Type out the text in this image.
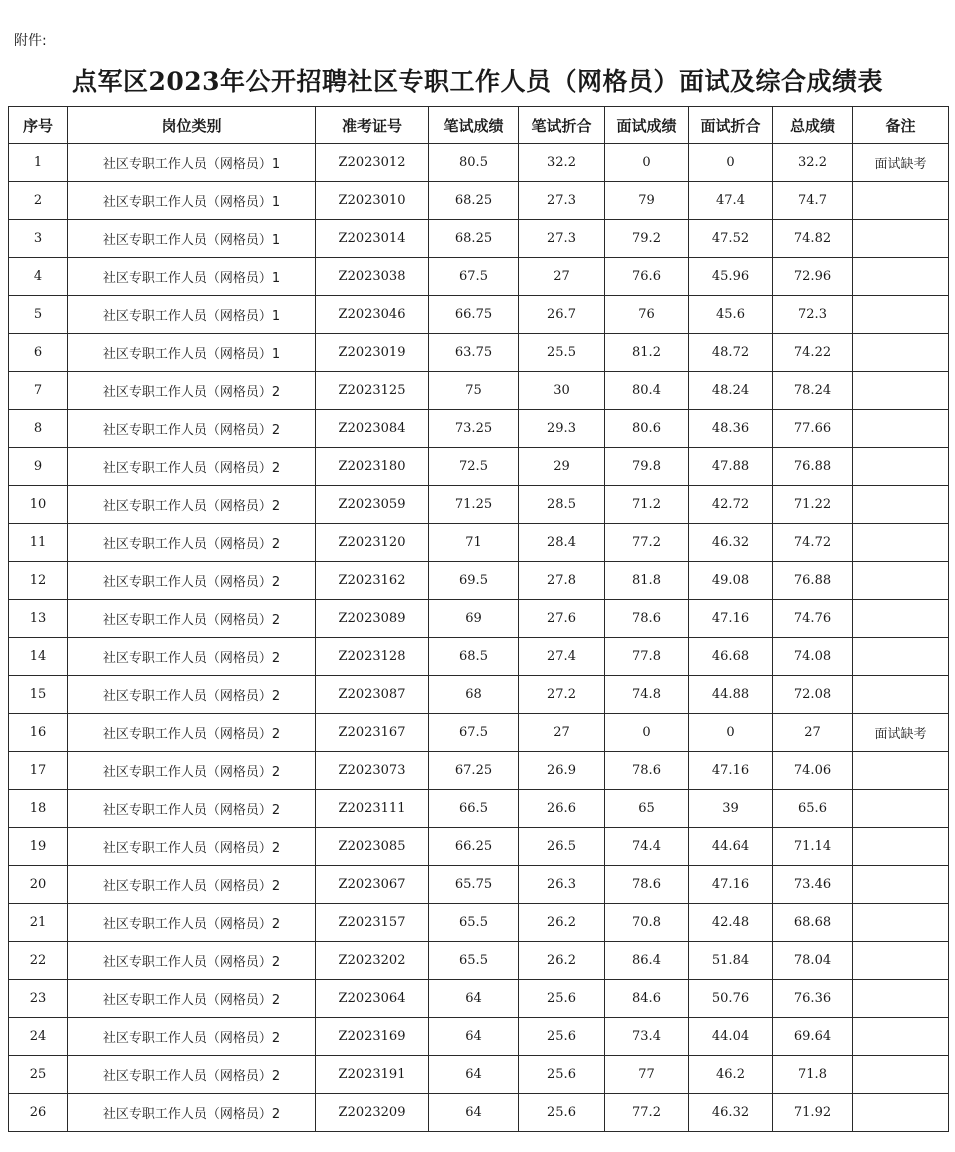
附件:
点军区2023年公开招聘社区专职工作人员（网格员）面试及综合成绩表
序号	岗位类别	准考证号	笔试成绩	笔试折合	面试成绩	面试折合	总成绩	备注
1	社区专职工作人员（网格员）1	Z2023012	80.5	32.2	0	0	32.2	面试缺考
2	社区专职工作人员（网格员）1	Z2023010	68.25	27.3	79	47.4	74.7	
3	社区专职工作人员（网格员）1	Z2023014	68.25	27.3	79.2	47.52	74.82	
4	社区专职工作人员（网格员）1	Z2023038	67.5	27	76.6	45.96	72.96	
5	社区专职工作人员（网格员）1	Z2023046	66.75	26.7	76	45.6	72.3	
6	社区专职工作人员（网格员）1	Z2023019	63.75	25.5	81.2	48.72	74.22	
7	社区专职工作人员（网格员）2	Z2023125	75	30	80.4	48.24	78.24	
8	社区专职工作人员（网格员）2	Z2023084	73.25	29.3	80.6	48.36	77.66	
9	社区专职工作人员（网格员）2	Z2023180	72.5	29	79.8	47.88	76.88	
10	社区专职工作人员（网格员）2	Z2023059	71.25	28.5	71.2	42.72	71.22	
11	社区专职工作人员（网格员）2	Z2023120	71	28.4	77.2	46.32	74.72	
12	社区专职工作人员（网格员）2	Z2023162	69.5	27.8	81.8	49.08	76.88	
13	社区专职工作人员（网格员）2	Z2023089	69	27.6	78.6	47.16	74.76	
14	社区专职工作人员（网格员）2	Z2023128	68.5	27.4	77.8	46.68	74.08	
15	社区专职工作人员（网格员）2	Z2023087	68	27.2	74.8	44.88	72.08	
16	社区专职工作人员（网格员）2	Z2023167	67.5	27	0	0	27	面试缺考
17	社区专职工作人员（网格员）2	Z2023073	67.25	26.9	78.6	47.16	74.06	
18	社区专职工作人员（网格员）2	Z2023111	66.5	26.6	65	39	65.6	
19	社区专职工作人员（网格员）2	Z2023085	66.25	26.5	74.4	44.64	71.14	
20	社区专职工作人员（网格员）2	Z2023067	65.75	26.3	78.6	47.16	73.46	
21	社区专职工作人员（网格员）2	Z2023157	65.5	26.2	70.8	42.48	68.68	
22	社区专职工作人员（网格员）2	Z2023202	65.5	26.2	86.4	51.84	78.04	
23	社区专职工作人员（网格员）2	Z2023064	64	25.6	84.6	50.76	76.36	
24	社区专职工作人员（网格员）2	Z2023169	64	25.6	73.4	44.04	69.64	
25	社区专职工作人员（网格员）2	Z2023191	64	25.6	77	46.2	71.8	
26	社区专职工作人员（网格员）2	Z2023209	64	25.6	77.2	46.32	71.92	
